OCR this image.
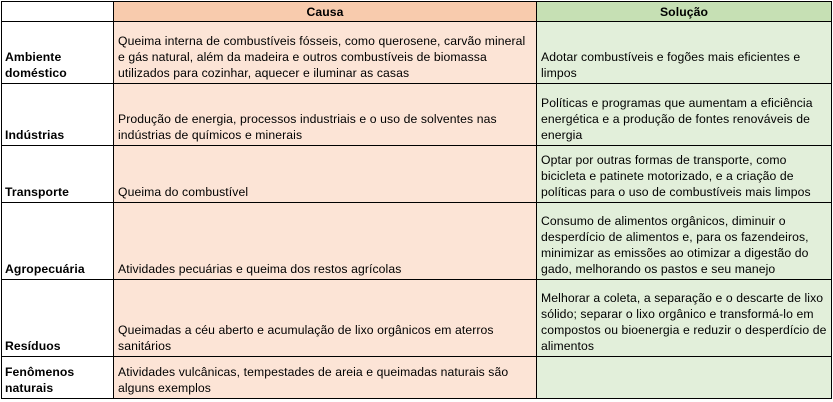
	Causa	Solução
Ambiente doméstico	Queima interna de combustíveis fósseis, como querosene, carvão mineral e gás natural, além da madeira e outros combustíveis de biomassa utilizados para cozinhar, aquecer e iluminar as casas	Adotar combustíveis e fogões mais eficientes e limpos
Indústrias	Produção de energia, processos industriais e o uso de solventes nas indústrias de químicos e minerais	Políticas e programas que aumentam a eficiência energética e a produção de fontes renováveis de energia
Transporte	Queima do combustível	Optar por outras formas de transporte, como bicicleta e patinete motorizado, e a criação de políticas para o uso de combustíveis mais limpos
Agropecuária	Atividades pecuárias e queima dos restos agrícolas	Consumo de alimentos orgânicos, diminuir o desperdício de alimentos e, para os fazendeiros, minimizar as emissões ao otimizar a digestão do gado, melhorando os pastos e seu manejo
Resíduos	Queimadas a céu aberto e acumulação de lixo orgânicos em aterros sanitários	Melhorar a coleta, a separação e o descarte de lixo sólido; separar o lixo orgânico e transformá-lo em compostos ou bioenergia e reduzir o desperdício de alimentos
Fenômenos naturais	Atividades vulcânicas, tempestades de areia e queimadas naturais são alguns exemplos	
